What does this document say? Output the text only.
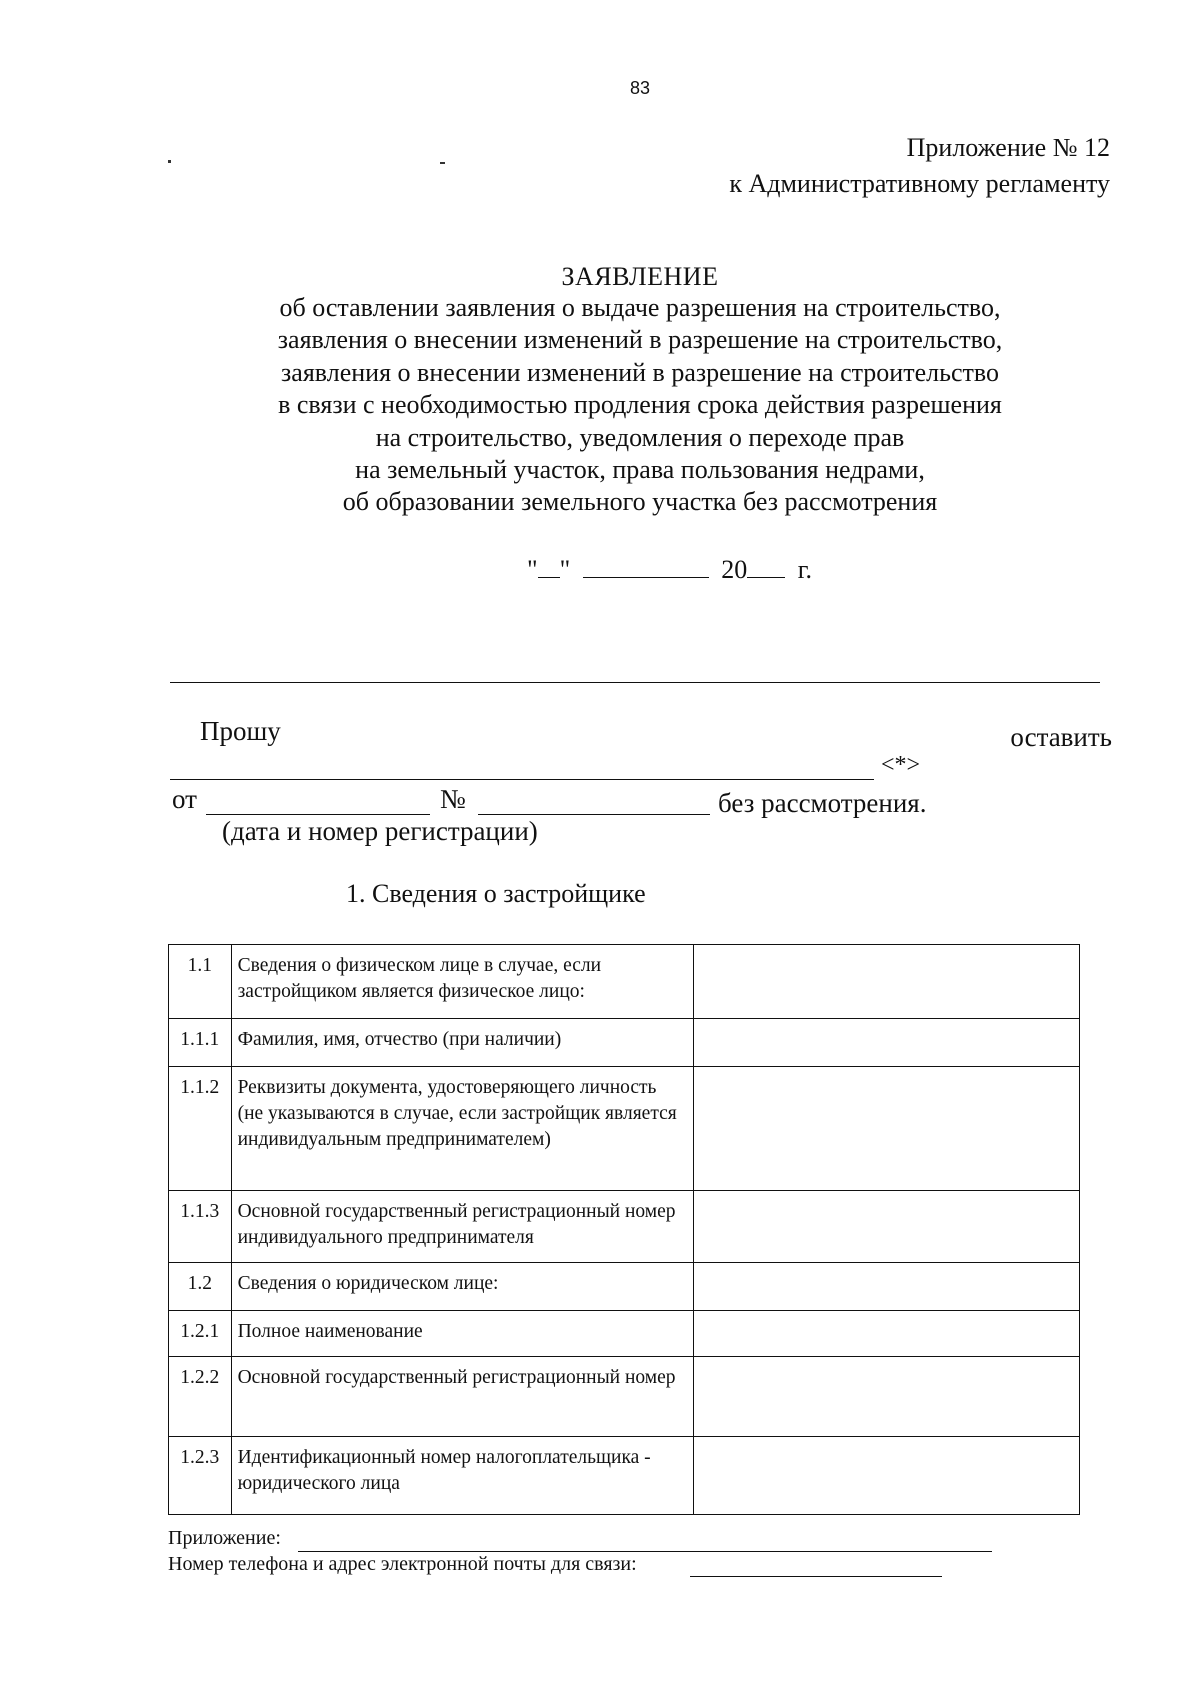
83
Приложение № 12
к Административному регламенту
ЗАЯВЛЕНИЕ
об оставлении заявления о выдаче разрешения на строительство,
заявления о внесении изменений в разрешение на строительство,
заявления о внесении изменений в разрешение на строительство
в связи с необходимостью продления срока действия разрешения
на строительство, уведомления о переходе прав
на земельный участок, права пользования недрами,
об образовании земельного участка без рассмотрения
" "	20 г.
Прошу	оставить
<*>
от	№	без рассмотрения.
(дата и номер регистрации)
1. Сведения о застройщике
1.1	Сведения о физическом лице в случае, если застройщиком является физическое лицо:	
1.1.1	Фамилия, имя, отчество (при наличии)	
1.1.2	Реквизиты документа, удостоверяющего личность (не указываются в случае, если застройщик является индивидуальным предпринимателем)	
1.1.3	Основной государственный регистрационный номер индивидуального предпринимателя	
1.2	Сведения о юридическом лице:	
1.2.1	Полное наименование	
1.2.2	Основной государственный регистрационный номер	
1.2.3	Идентификационный номер налогоплательщика - юридического лица	
Приложение:
Номер телефона и адрес электронной почты для связи:
